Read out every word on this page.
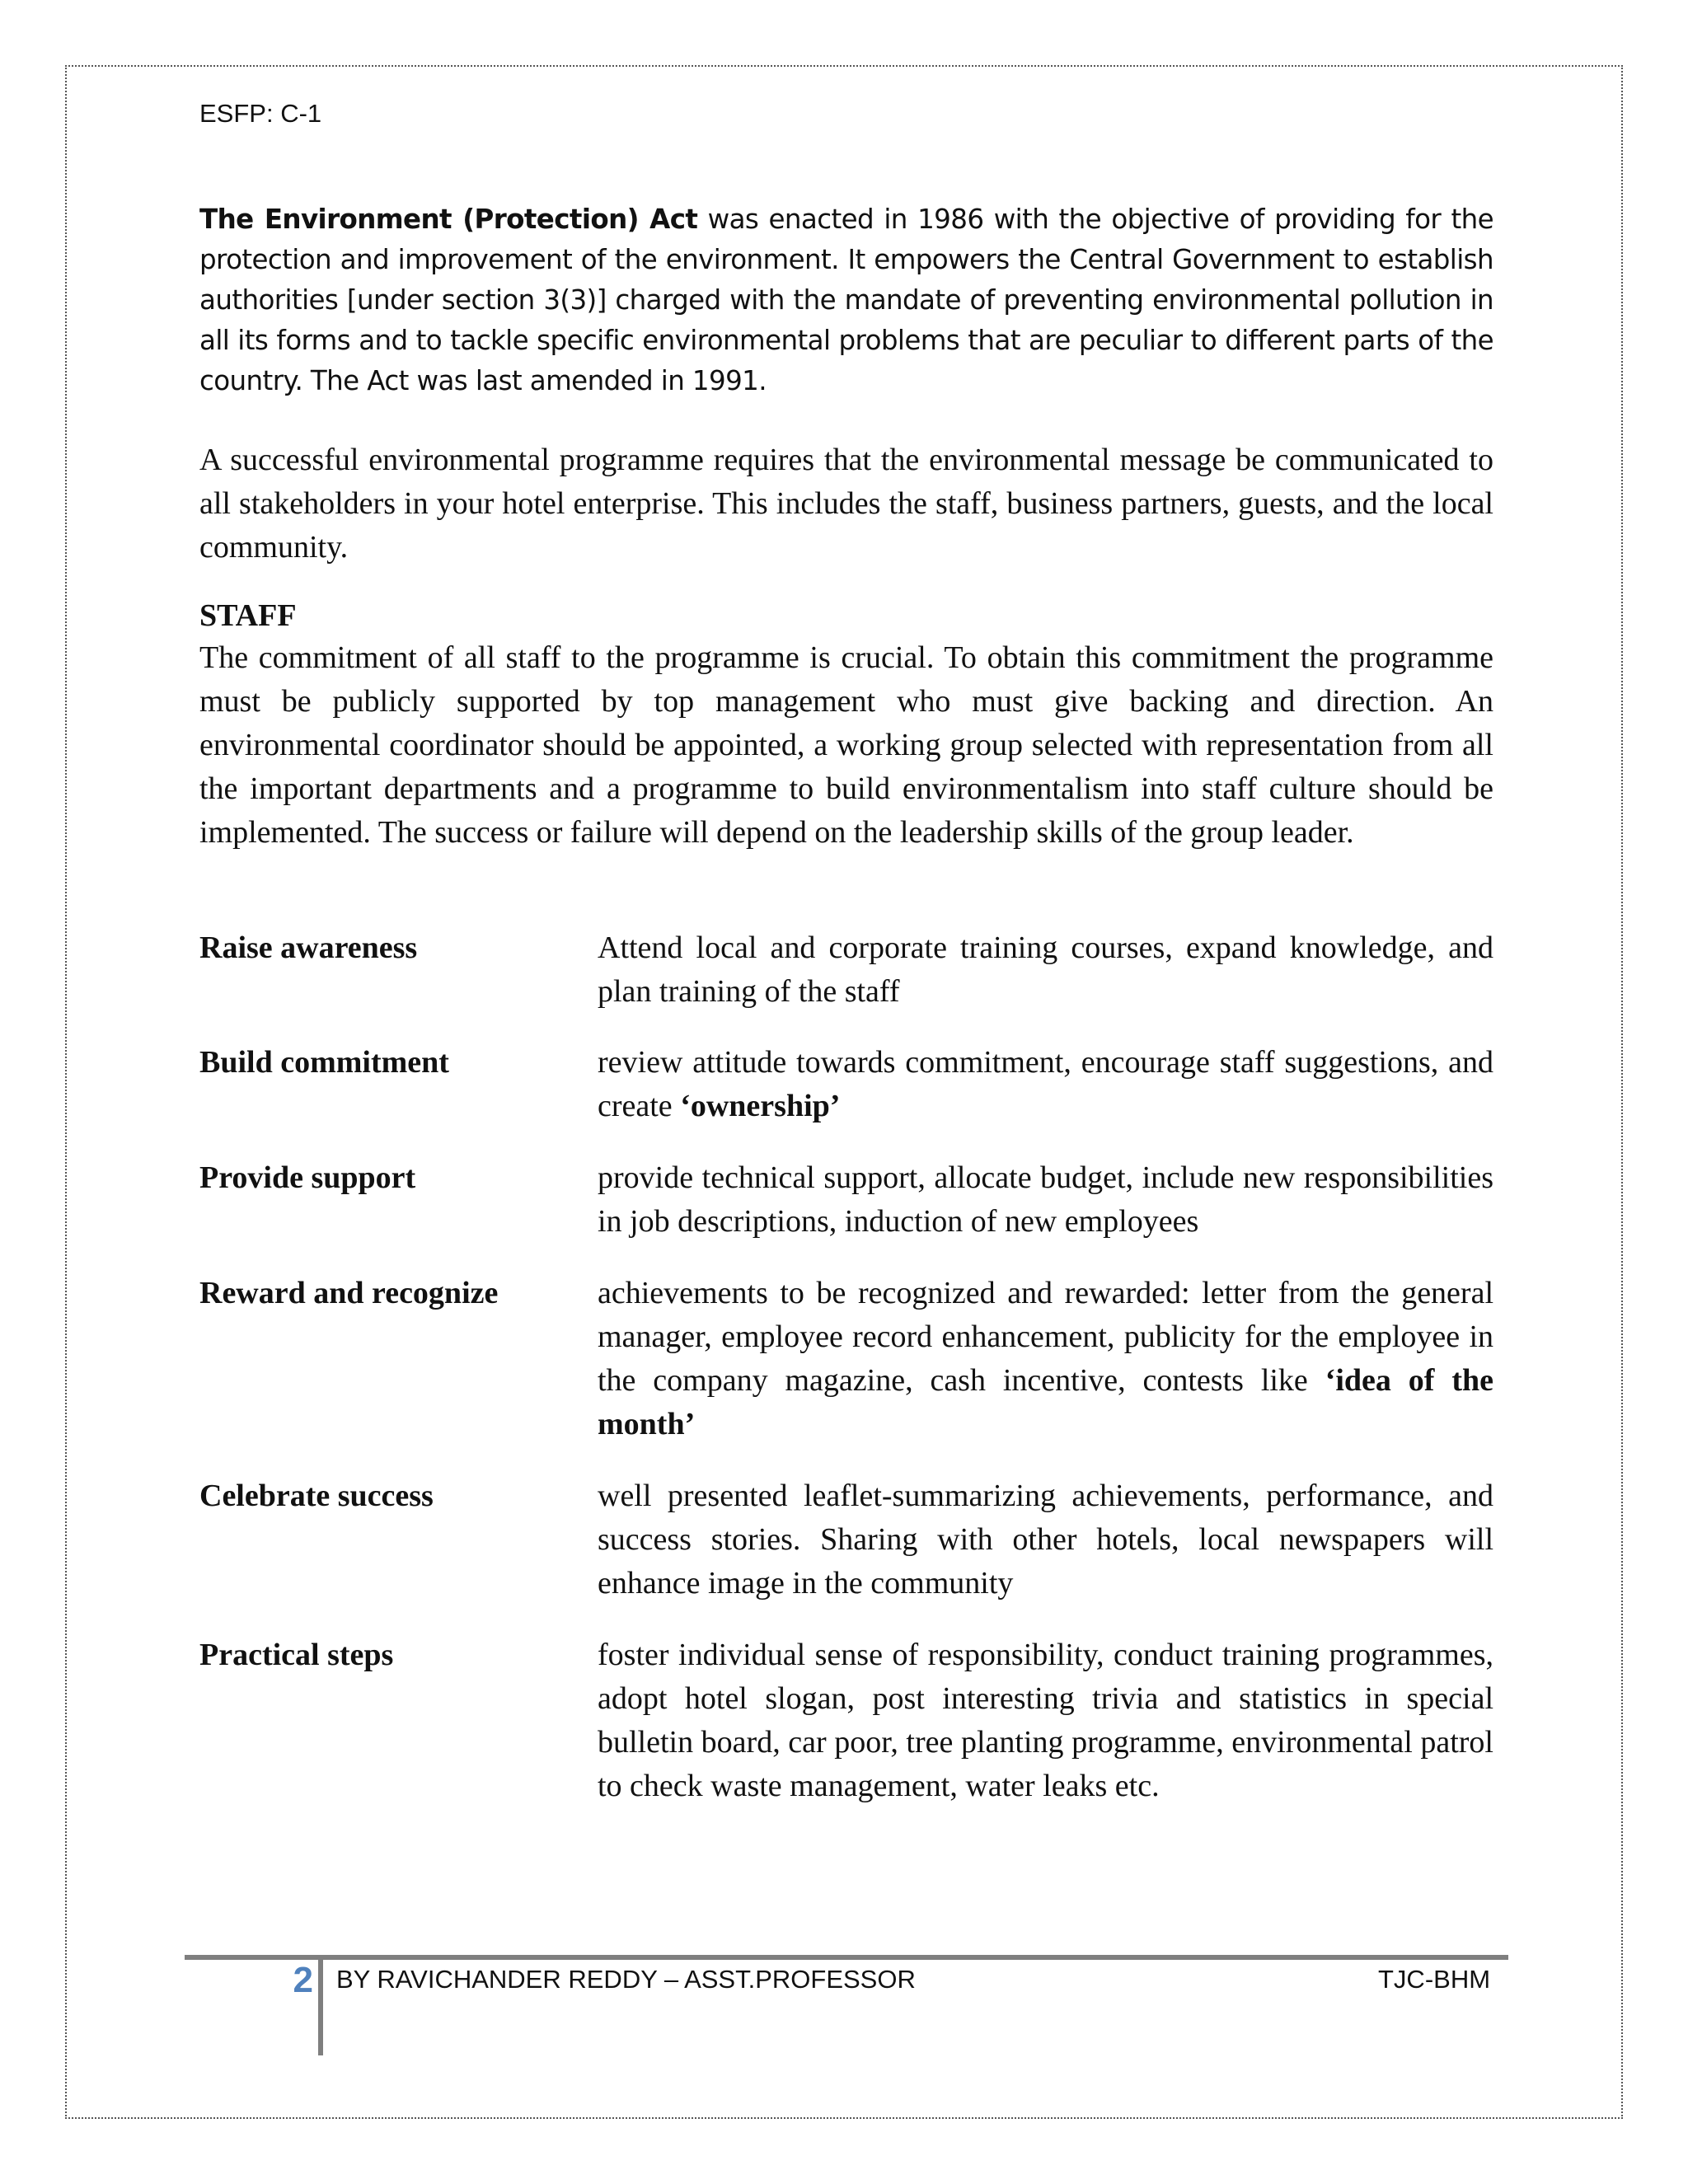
ESFP: C-1
The Environment (Protection) Act was enacted in 1986 with the objective of providing for the protection and improvement of the environment. It empowers the Central Government to establish authorities [under section 3(3)] charged with the mandate of preventing environmental pollution in all its forms and to tackle specific environmental problems that are peculiar to different parts of the country. The Act was last amended in 1991.
A successful environmental programme requires that the environmental message be communicated to all stakeholders in your hotel enterprise. This includes the staff, business partners, guests, and the local community.
STAFF
The commitment of all staff to the programme is crucial. To obtain this commitment the programme must be publicly supported by top management who must give backing and direction. An environmental coordinator should be appointed, a working group selected with representation from all the important departments and a programme to build environmentalism into staff culture should be implemented. The success or failure will depend on the leadership skills of the group leader.
Raise awareness	Attend local and corporate training courses, expand knowledge, and plan training of the staff
Build commitment	review attitude towards commitment, encourage staff suggestions, and create ‘ownership’
Provide support	provide technical support, allocate budget, include new responsibilities in job descriptions, induction of new employees
Reward and recognize	achievements to be recognized and rewarded: letter from the general manager, employee record enhancement, publicity for the employee in the company magazine, cash incentive, contests like ‘idea of the month’
Celebrate success	well presented leaflet-summarizing achievements, performance, and success stories. Sharing with other hotels, local newspapers will enhance image in the community
Practical steps	foster individual sense of responsibility, conduct training programmes, adopt hotel slogan, post interesting trivia and statistics in special bulletin board, car poor, tree planting programme, environmental patrol to check waste management, water leaks etc.
2 BY RAVICHANDER REDDY – ASST.PROFESSOR	TJC-BHM
